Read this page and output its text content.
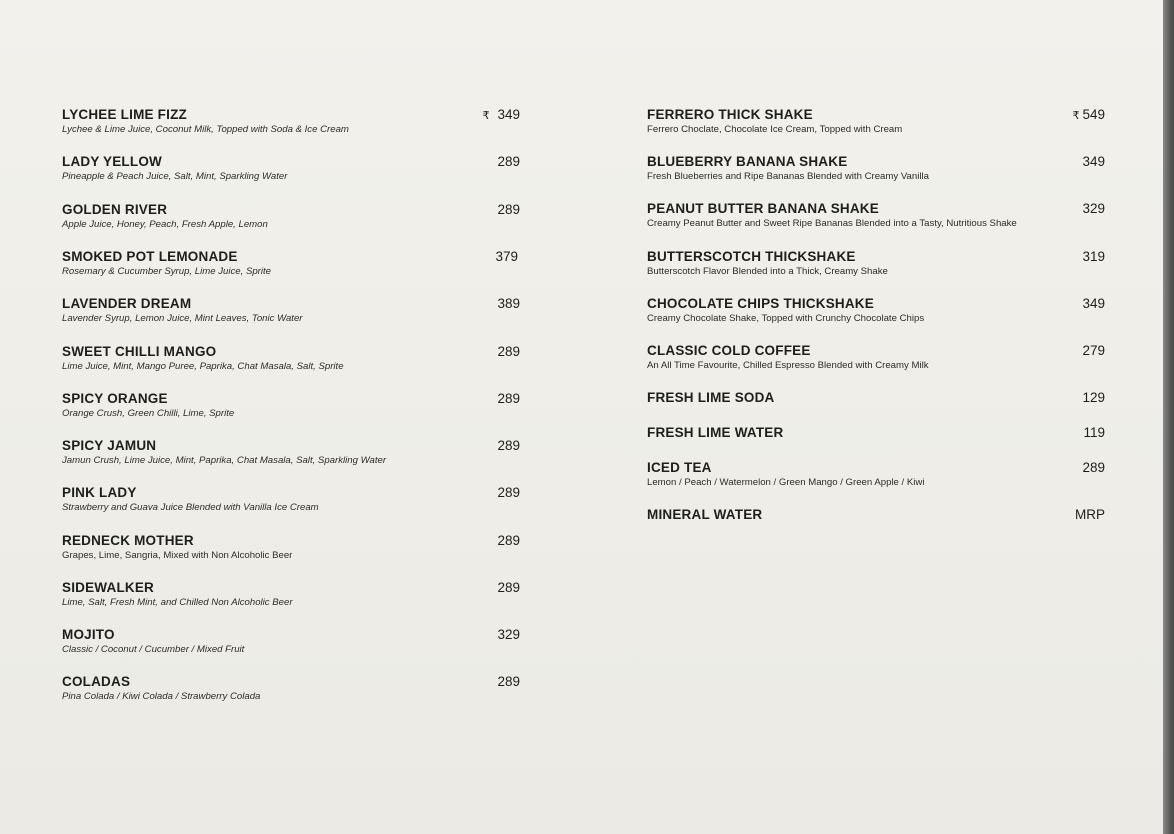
LYCHEE LIME FIZZ
Lychee & Lime Juice, Coconut Milk, Topped with Soda & Ice Cream
₹ 349
LADY YELLOW
Pineapple & Peach Juice, Salt, Mint, Sparkling Water
289
GOLDEN RIVER
Apple Juice, Honey, Peach, Fresh Apple, Lemon
289
SMOKED POT LEMONADE
Rosemary & Cucumber Syrup, Lime Juice, Sprite
379
LAVENDER DREAM
Lavender Syrup, Lemon Juice, Mint Leaves, Tonic Water
389
SWEET CHILLI MANGO
Lime Juice, Mint, Mango Puree, Paprika, Chat Masala, Salt, Sprite
289
SPICY ORANGE
Orange Crush, Green Chilli, Lime, Sprite
289
SPICY JAMUN
Jamun Crush, Lime Juice, Mint, Paprika, Chat Masala, Salt, Sparkling Water
289
PINK LADY
Strawberry and Guava Juice Blended with Vanilla Ice Cream
289
REDNECK MOTHER
Grapes, Lime, Sangria, Mixed with Non Alcoholic Beer
289
SIDEWALKER
Lime, Salt, Fresh Mint, and Chilled Non Alcoholic Beer
289
MOJITO
Classic / Coconut / Cucumber / Mixed Fruit
329
COLADAS
Pina Colada / Kiwi Colada / Strawberry Colada
289
FERRERO THICK SHAKE
Ferrero Choclate, Chocolate Ice Cream, Topped with Cream
₹ 549
BLUEBERRY BANANA SHAKE
Fresh Blueberries and Ripe Bananas Blended with Creamy Vanilla
349
PEANUT BUTTER BANANA SHAKE
Creamy Peanut Butter and Sweet Ripe Bananas Blended into a Tasty, Nutritious Shake
329
BUTTERSCOTCH THICKSHAKE
Butterscotch Flavor Blended into a Thick, Creamy Shake
319
CHOCOLATE CHIPS THICKSHAKE
Creamy Chocolate Shake, Topped with Crunchy Chocolate Chips
349
CLASSIC COLD COFFEE
An All Time Favourite, Chilled Espresso Blended with Creamy Milk
279
FRESH LIME SODA	129
FRESH LIME WATER	119
ICED TEA
Lemon / Peach / Watermelon / Green Mango / Green Apple / Kiwi
289
MINERAL WATER	MRP
